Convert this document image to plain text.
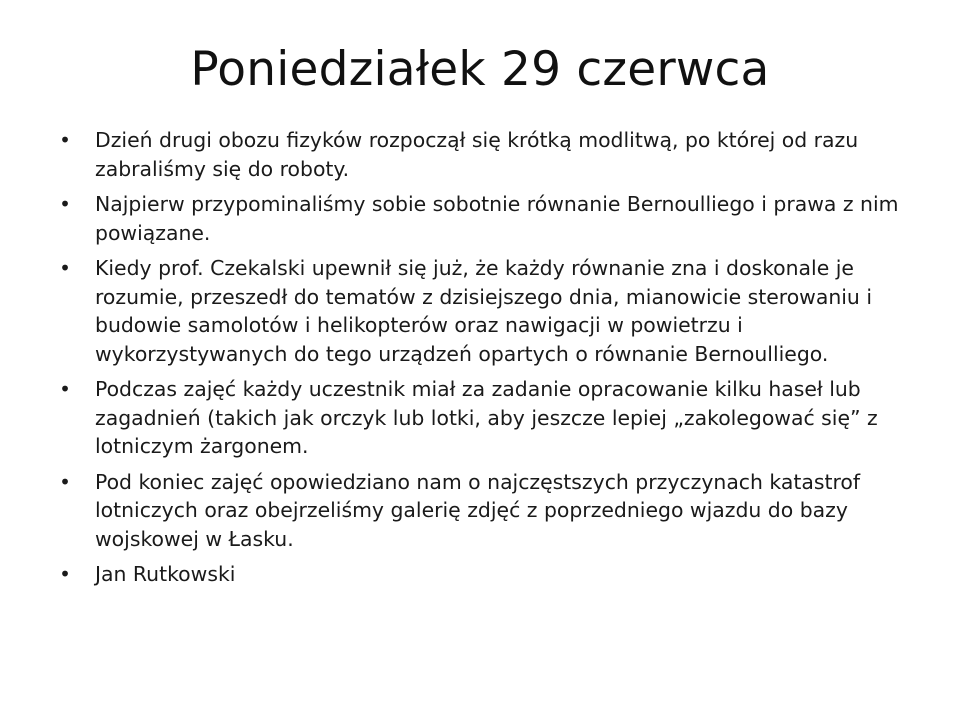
Poniedziałek 29 czerwca
• Dzień drugi obozu fizyków rozpoczął się krótką modlitwą, po której od razu zabraliśmy się do roboty.
• Najpierw przypominaliśmy sobie sobotnie równanie Bernoulliego i prawa z nim powiązane.
• Kiedy prof. Czekalski upewnił się już, że każdy równanie zna i doskonale je rozumie, przeszedł do tematów z dzisiejszego dnia, mianowicie sterowaniu i budowie samolotów i helikopterów oraz nawigacji w powietrzu i wykorzystywanych do tego urządzeń opartych o równanie Bernoulliego.
• Podczas zajęć każdy uczestnik miał za zadanie opracowanie kilku haseł lub zagadnień (takich jak orczyk lub lotki, aby jeszcze lepiej „zakolegować się” z lotniczym żargonem.
• Pod koniec zajęć opowiedziano nam o najczęstszych przyczynach katastrof lotniczych oraz obejrzeliśmy galerię zdjęć z poprzedniego wjazdu do bazy wojskowej w Łasku.
• Jan Rutkowski
